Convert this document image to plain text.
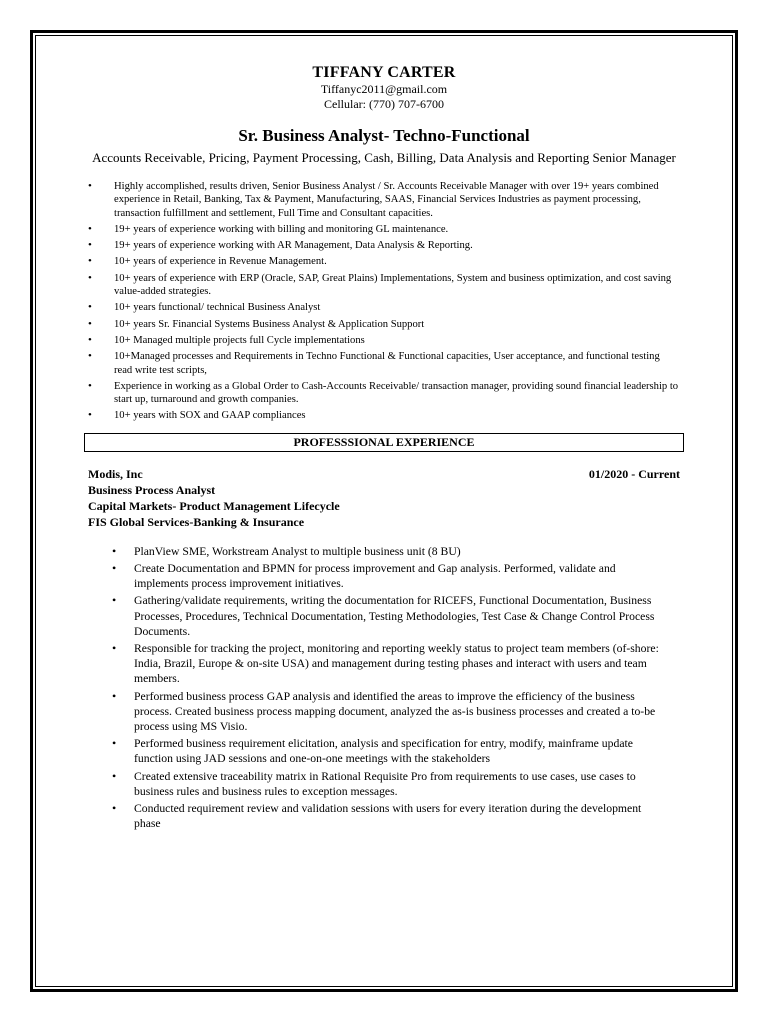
TIFFANY CARTER
Tiffanyc2011@gmail.com
Cellular: (770) 707-6700
Sr. Business Analyst- Techno-Functional
Accounts Receivable, Pricing, Payment Processing, Cash, Billing, Data Analysis and Reporting Senior Manager
• Highly accomplished, results driven, Senior Business Analyst / Sr. Accounts Receivable Manager with over 19+ years combined experience in Retail, Banking, Tax & Payment, Manufacturing, SAAS, Financial Services Industries as payment processing, transaction fulfillment and settlement, Full Time and Consultant capacities.
• 19+ years of experience working with billing and monitoring GL maintenance.
• 19+ years of experience working with AR Management, Data Analysis & Reporting.
• 10+ years of experience in Revenue Management.
• 10+ years of experience with ERP (Oracle, SAP, Great Plains) Implementations, System and business optimization, and cost saving value-added strategies.
• 10+ years functional/ technical Business Analyst
• 10+ years Sr. Financial Systems Business Analyst & Application Support
• 10+ Managed multiple projects full Cycle implementations
• 10+Managed processes and Requirements in Techno Functional & Functional capacities, User acceptance, and functional testing read write test scripts,
• Experience in working as a Global Order to Cash-Accounts Receivable/ transaction manager, providing sound financial leadership to start up, turnaround and growth companies.
• 10+ years with SOX and GAAP compliances
PROFESSSIONAL EXPERIENCE
Modis, Inc	01/2020 - Current
Business Process Analyst
Capital Markets- Product Management Lifecycle
FIS Global Services-Banking & Insurance
• PlanView SME, Workstream Analyst to multiple business unit (8 BU)
• Create Documentation and BPMN for process improvement and Gap analysis. Performed, validate and implements process improvement initiatives.
• Gathering/validate requirements, writing the documentation for RICEFS, Functional Documentation, Business Processes, Procedures, Technical Documentation, Testing Methodologies, Test Case & Change Control Process Documents.
• Responsible for tracking the project, monitoring and reporting weekly status to project team members (of-shore: India, Brazil, Europe & on-site USA) and management during testing phases and interact with users and team members.
• Performed business process GAP analysis and identified the areas to improve the efficiency of the business process. Created business process mapping document, analyzed the as-is business processes and created a to-be process using MS Visio.
• Performed business requirement elicitation, analysis and specification for entry, modify, mainframe update function using JAD sessions and one-on-one meetings with the stakeholders
• Created extensive traceability matrix in Rational Requisite Pro from requirements to use cases, use cases to business rules and business rules to exception messages.
• Conducted requirement review and validation sessions with users for every iteration during the development phase
